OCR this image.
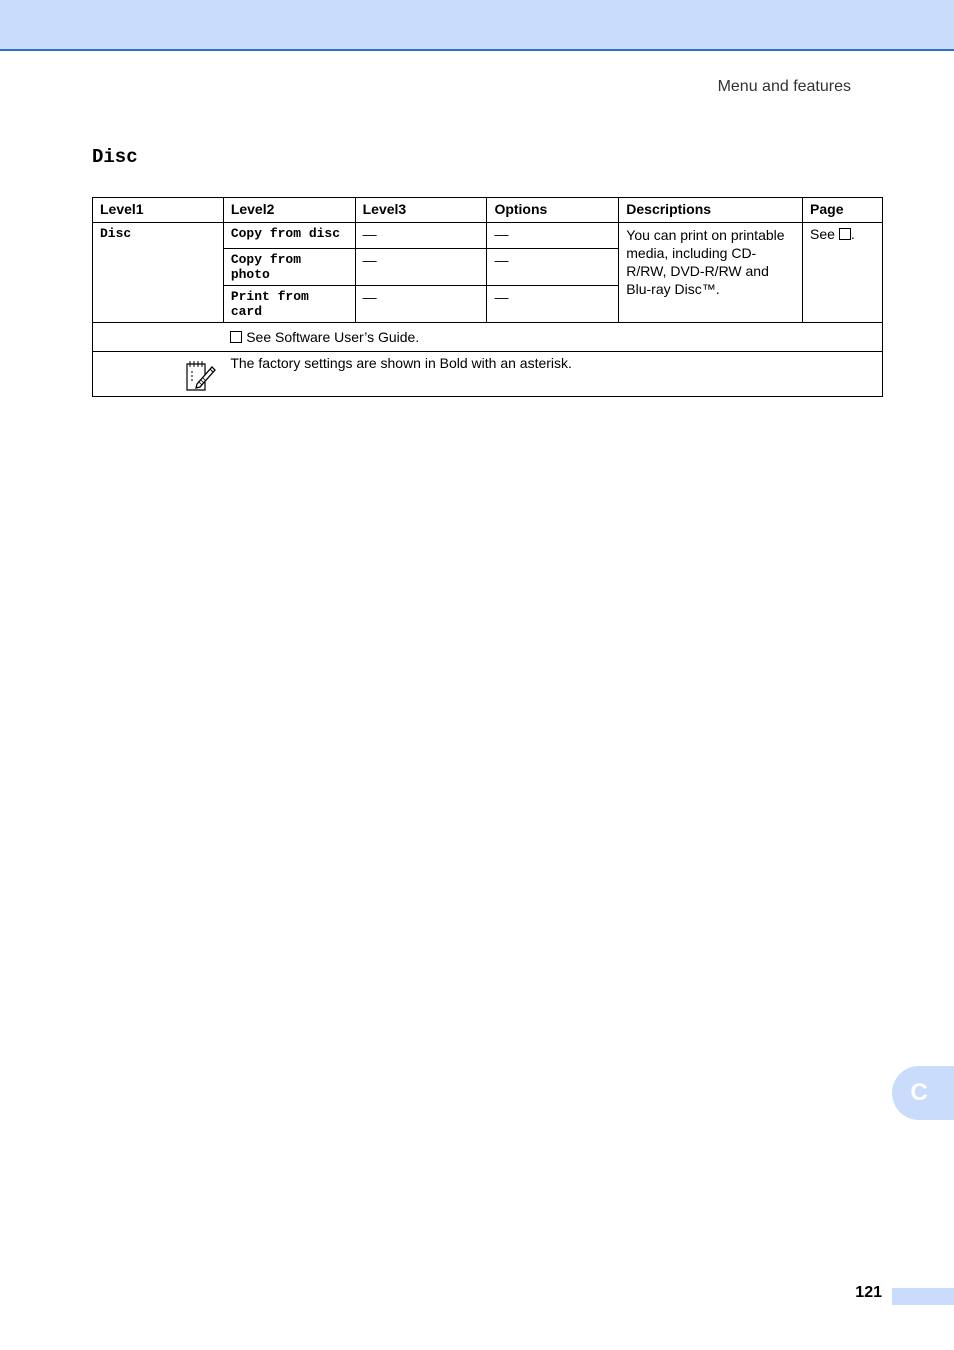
Menu and features
Disc
Level1	Level2	Level3	Options	Descriptions	Page
Disc	Copy from disc	—	—	You can print on printable media, including CD-R/RW, DVD-R/RW and Blu-ray Disc™.	See .
	Copy from photo	—	—		
	Print from card	—	—		
	See Software User’s Guide.				

	The factory settings are shown in Bold with an asterisk.				
C
121
